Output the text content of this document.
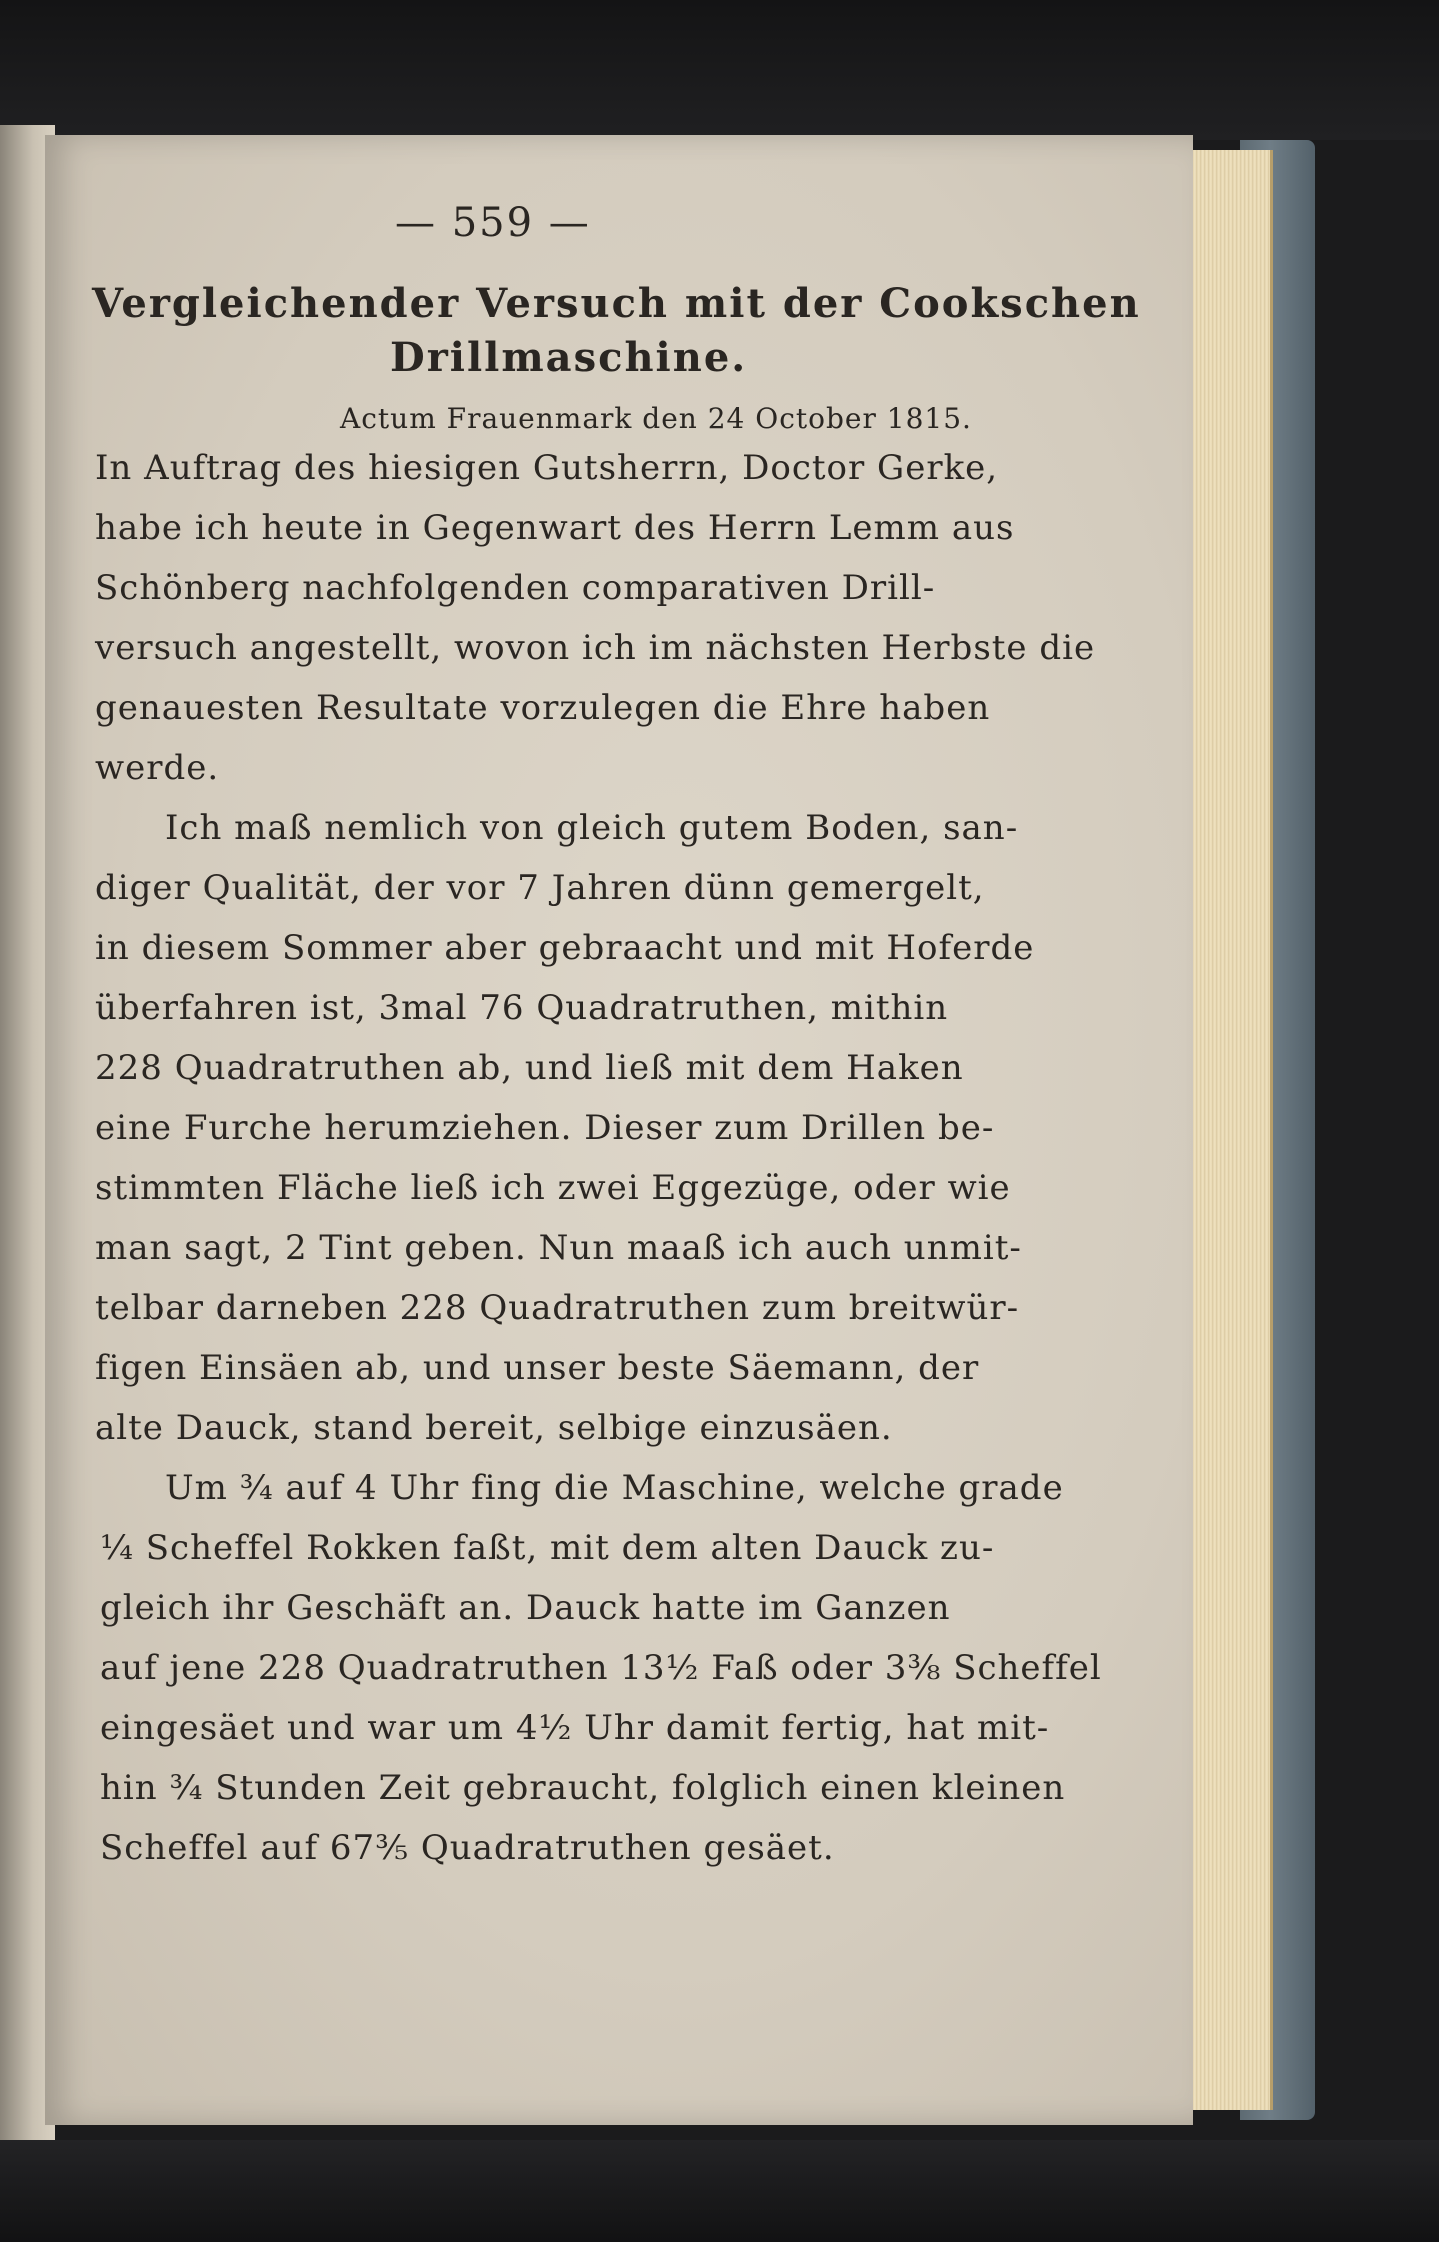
— 559 —
Vergleichender Versuch mit der Cookschen
Drillmaschine.
Actum Frauenmark den 24 October 1815.
In Auftrag des hiesigen Gutsherrn, Doctor Gerke,
habe ich heute in Gegenwart des Herrn Lemm aus
Schönberg nachfolgenden comparativen Drill-
versuch angestellt, wovon ich im nächsten Herbste die
genauesten Resultate vorzulegen die Ehre haben
werde.
Ich maß nemlich von gleich gutem Boden, san-
diger Qualität, der vor 7 Jahren dünn gemergelt,
in diesem Sommer aber gebraacht und mit Hoferde
überfahren ist, 3mal 76 Quadratruthen, mithin
228 Quadratruthen ab, und ließ mit dem Haken
eine Furche herumziehen. Dieser zum Drillen be-
stimmten Fläche ließ ich zwei Eggezüge, oder wie
man sagt, 2 Tint geben. Nun maaß ich auch unmit-
telbar darneben 228 Quadratruthen zum breitwür-
figen Einsäen ab, und unser beste Säemann, der
alte Dauck, stand bereit, selbige einzusäen.
Um ¾ auf 4 Uhr fing die Maschine, welche grade
¼ Scheffel Rokken faßt, mit dem alten Dauck zu-
gleich ihr Geschäft an. Dauck hatte im Ganzen
auf jene 228 Quadratruthen 13½ Faß oder 3⅜ Scheffel
eingesäet und war um 4½ Uhr damit fertig, hat mit-
hin ¾ Stunden Zeit gebraucht, folglich einen kleinen
Scheffel auf 67⅗ Quadratruthen gesäet.
